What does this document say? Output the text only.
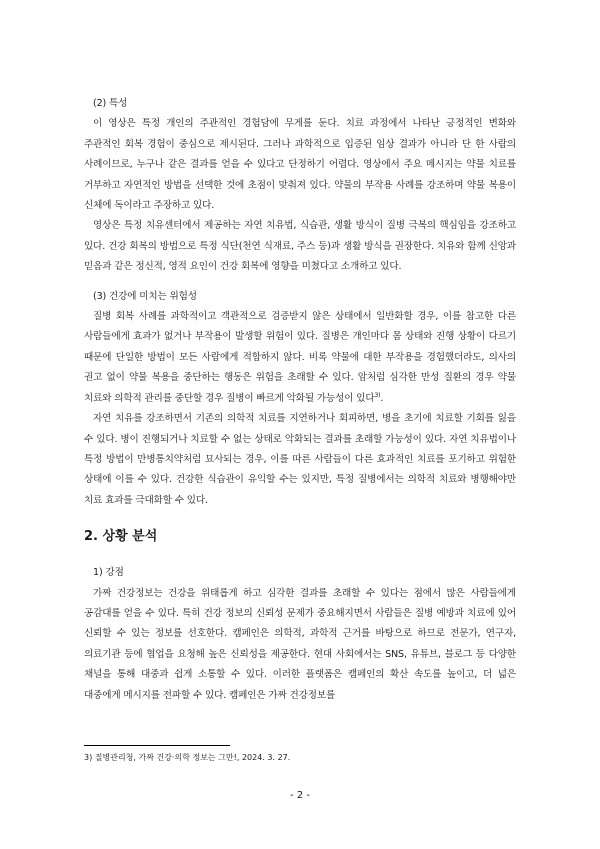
(2) 특성

이 영상은 특정 개인의 주관적인 경험담에 무게를 둔다. 치료 과정에서 나타난 긍정적인 변화와 주관적인 회복 경험이 중심으로 제시된다. 그러나 과학적으로 입증된 임상 결과가 아니라 단 한 사람의 사례이므로, 누구나 같은 결과를 얻을 수 있다고 단정하기 어렵다. 영상에서 주요 메시지는 약물 치료를 거부하고 자연적인 방법을 선택한 것에 초점이 맞춰져 있다. 약물의 부작용 사례를 강조하며 약물 복용이 신체에 독이라고 주장하고 있다.

영상은 특정 치유센터에서 제공하는 자연 치유법, 식습관, 생활 방식이 질병 극복의 핵심임을 강조하고 있다. 건강 회복의 방법으로 특정 식단(천연 식재료, 주스 등)과 생활 방식을 권장한다. 치유와 함께 신앙과 믿음과 같은 정신적, 영적 요인이 건강 회복에 영향을 미쳤다고 소개하고 있다.

(3) 건강에 미치는 위험성

질병 회복 사례를 과학적이고 객관적으로 검증받지 않은 상태에서 일반화할 경우, 이를 참고한 다른 사람들에게 효과가 없거나 부작용이 발생할 위험이 있다. 질병은 개인마다 몸 상태와 진행 상황이 다르기 때문에 단일한 방법이 모든 사람에게 적합하지 않다. 비록 약물에 대한 부작용을 경험했더라도, 의사의 권고 없이 약물 복용을 중단하는 행동은 위험을 초래할 수 있다. 암처럼 심각한 만성 질환의 경우 약물 치료와 의학적 관리를 중단할 경우 질병이 빠르게 악화될 가능성이 있다$^{3)}$.

자연 치유를 강조하면서 기존의 의학적 치료를 지연하거나 회피하면, 병을 초기에 치료할 기회를 잃을 수 있다. 병이 진행되거나 치료할 수 없는 상태로 악화되는 결과를 초래할 가능성이 있다. 자연 치유법이나 특정 방법이 만병통치약처럼 묘사되는 경우, 이를 따른 사람들이 다른 효과적인 치료를 포기하고 위험한 상태에 이를 수 있다. 건강한 식습관이 유익할 수는 있지만, 특정 질병에서는 의학적 치료와 병행해야만 치료 효과를 극대화할 수 있다.

2. 상황 분석

1) 강점

가짜 건강정보는 건강을 위태롭게 하고 심각한 결과를 초래할 수 있다는 점에서 많은 사람들에게 공감대를 얻을 수 있다. 특히 건강 정보의 신뢰성 문제가 중요해지면서 사람들은 질병 예방과 치료에 있어 신뢰할 수 있는 정보를 선호한다. 캠페인은 의학적, 과학적 근거를 바탕으로 하므로 전문가, 연구자, 의료기관 등에 협업을 요청해 높은 신뢰성을 제공한다. 현대 사회에서는 SNS, 유튜브, 블로그 등 다양한 채널을 통해 대중과 쉽게 소통할 수 있다. 이러한 플랫폼은 캠페인의 확산 속도를 높이고, 더 넓은 대중에게 메시지를 전파할 수 있다. 캠페인은 가짜 건강정보를

3) 질병관리청, 가짜 건강·의학 정보는 그만!, 2024. 3. 27.
- 2 -
